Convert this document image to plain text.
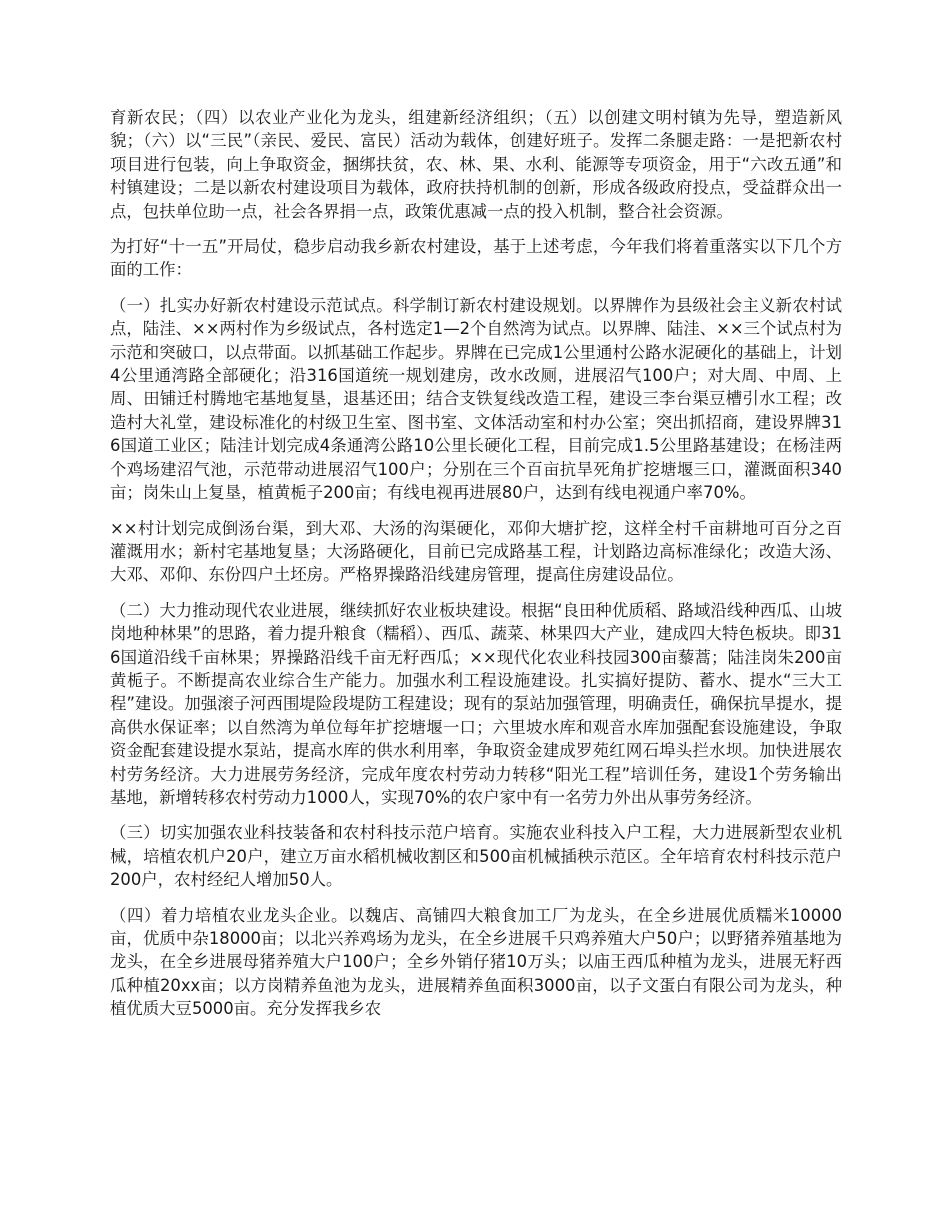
育新农民；（四）以农业产业化为龙头，组建新经济组织；（五）以创建文明村镇为先导，塑造新风貌；（六）以“三民”（亲民、爱民、富民）活动为载体，创建好班子。发挥二条腿走路：一是把新农村项目进行包装，向上争取资金，捆绑扶贫，农、林、果、水利、能源等专项资金，用于“六改五通”和村镇建设；二是以新农村建设项目为载体，政府扶持机制的创新，形成各级政府投点，受益群众出一点，包扶单位助一点，社会各界捐一点，政策优惠减一点的投入机制，整合社会资源。

为打好“十一五”开局仗，稳步启动我乡新农村建设，基于上述考虑，今年我们将着重落实以下几个方面的工作：

（一）扎实办好新农村建设示范试点。科学制订新农村建设规划。以界牌作为县级社会主义新农村试点，陆洼、××两村作为乡级试点，各村选定1—2个自然湾为试点。以界牌、陆洼、××三个试点村为示范和突破口，以点带面。以抓基础工作起步。界牌在已完成1公里通村公路水泥硬化的基础上，计划4公里通湾路全部硬化；沿316国道统一规划建房，改水改厕，进展沼气100户；对大周、中周、上周、田铺迁村腾地宅基地复垦，退基还田；结合支铁复线改造工程，建设三李台渠豆槽引水工程；改造村大礼堂，建设标准化的村级卫生室、图书室、文体活动室和村办公室；突出抓招商，建设界牌316国道工业区；陆洼计划完成4条通湾公路10公里长硬化工程，目前完成1.5公里路基建设；在杨洼两个鸡场建沼气池，示范带动进展沼气100户；分别在三个百亩抗旱死角扩挖塘堰三口，灌溉面积340亩；岗朱山上复垦，植黄栀子200亩；有线电视再进展80户，达到有线电视通户率70%。

××村计划完成倒汤台渠，到大邓、大汤的沟渠硬化，邓仰大塘扩挖，这样全村千亩耕地可百分之百灌溉用水；新村宅基地复垦；大汤路硬化，目前已完成路基工程，计划路边高标准绿化；改造大汤、大邓、邓仰、东份四户土坯房。严格界操路沿线建房管理，提高住房建设品位。

（二）大力推动现代农业进展，继续抓好农业板块建设。根据“良田种优质稻、路域沿线种西瓜、山坡岗地种林果”的思路，着力提升粮食（糯稻）、西瓜、蔬菜、林果四大产业，建成四大特色板块。即316国道沿线千亩林果；界操路沿线千亩无籽西瓜；××现代化农业科技园300亩藜蒿；陆洼岗朱200亩黄栀子。不断提高农业综合生产能力。加强水利工程设施建设。扎实搞好提防、蓄水、提水“三大工程”建设。加强滚子河西围堤险段堤防工程建设；现有的泵站加强管理，明确责任，确保抗旱提水，提高供水保证率；以自然湾为单位每年扩挖塘堰一口；六里坡水库和观音水库加强配套设施建设，争取资金配套建设提水泵站，提高水库的供水利用率，争取资金建成罗苑红网石埠头拦水坝。加快进展农村劳务经济。大力进展劳务经济，完成年度农村劳动力转移“阳光工程”培训任务，建设1个劳务输出基地，新增转移农村劳动力1000人，实现70%的农户家中有一名劳力外出从事劳务经济。

（三）切实加强农业科技装备和农村科技示范户培育。实施农业科技入户工程，大力进展新型农业机械，培植农机户20户，建立万亩水稻机械收割区和500亩机械插秧示范区。全年培育农村科技示范户200户，农村经纪人增加50人。

（四）着力培植农业龙头企业。以魏店、高铺四大粮食加工厂为龙头，在全乡进展优质糯米10000亩，优质中杂18000亩；以北兴养鸡场为龙头，在全乡进展千只鸡养殖大户50户；以野猪养殖基地为龙头，在全乡进展母猪养殖大户100户；全乡外销仔猪10万头；以庙王西瓜种植为龙头，进展无籽西瓜种植20xx亩；以方岗精养鱼池为龙头，进展精养鱼面积3000亩，以子文蛋白有限公司为龙头，种植优质大豆5000亩。充分发挥我乡农
